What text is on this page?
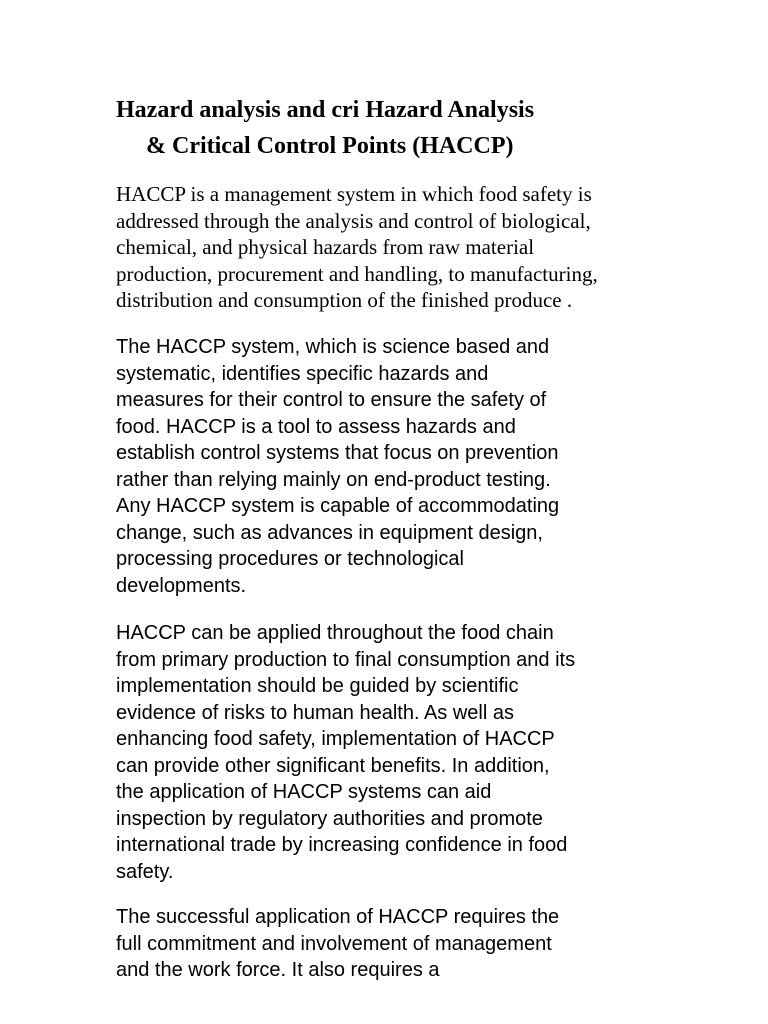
Hazard analysis and cri Hazard Analysis
& Critical Control Points (HACCP)

HACCP is a management system in which food safety is
addressed through the analysis and control of biological,
chemical, and physical hazards from raw material
production, procurement and handling, to manufacturing,
distribution and consumption of the finished produce .

The HACCP system, which is science based and
systematic, identifies specific hazards and
measures for their control to ensure the safety of
food. HACCP is a tool to assess hazards and
establish control systems that focus on prevention
rather than relying mainly on end-product testing.
Any HACCP system is capable of accommodating
change, such as advances in equipment design,
processing procedures or technological
developments.

HACCP can be applied throughout the food chain
from primary production to final consumption and its
implementation should be guided by scientific
evidence of risks to human health. As well as
enhancing food safety, implementation of HACCP
can provide other significant benefits. In addition,
the application of HACCP systems can aid
inspection by regulatory authorities and promote
international trade by increasing confidence in food
safety.

The successful application of HACCP requires the
full commitment and involvement of management
and the work force. It also requires a
